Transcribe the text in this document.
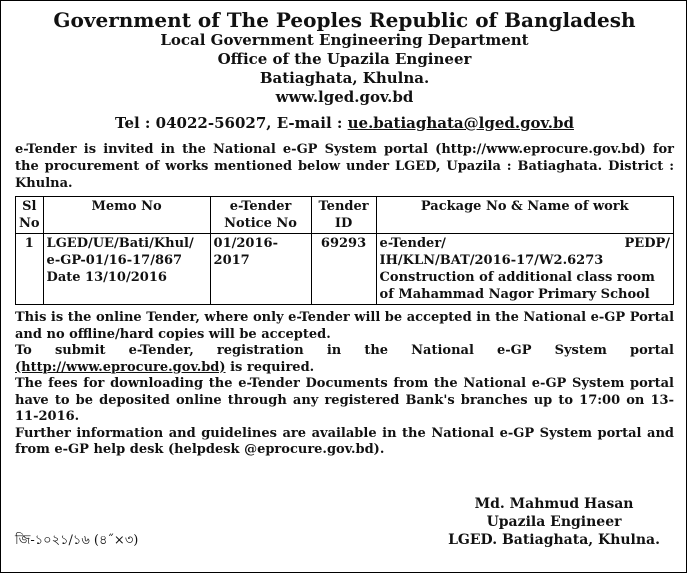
Government of The Peoples Republic of Bangladesh
Local Government Engineering Department
Office of the Upazila Engineer
Batiaghata, Khulna.
www.lged.gov.bd
Tel : 04022-56027, E-mail : ue.batiaghata@lged.gov.bd
e-Tender is invited in the National e-GP System portal (http://www.eprocure.gov.bd) for the procurement of works mentioned below under LGED, Upazila : Batiaghata. District : Khulna.
Sl No	Memo No	e-Tender Notice No	Tender ID	Package No & Name of work
1	LGED/UE/Bati/Khul/ e-GP-01/16-17/867 Date 13/10/2016	01/2016-2017	69293	e-Tender/ PEDP/
IH/KLN/BAT/2016-17/W2.6273 Construction of additional class room of Mahammad Nagor Primary School

This is the online Tender, where only e-Tender will be accepted in the National e-GP Portal and no offline/hard copies will be accepted.

To submit e-Tender, registration in the National e-GP System portal (http://www.eprocure.gov.bd) is required.

The fees for downloading the e-Tender Documents from the National e-GP System portal have to be deposited online through any registered Bank's branches up to 17:00 on 13-11-2016.

Further information and guidelines are available in the National e-GP System portal and from e-GP help desk (helpdesk @eprocure.gov.bd).

Md. Mahmud Hasan
Upazila Engineer
LGED. Batiaghata, Khulna.
জি-১০২১/১৬ (৪˝×৩)
